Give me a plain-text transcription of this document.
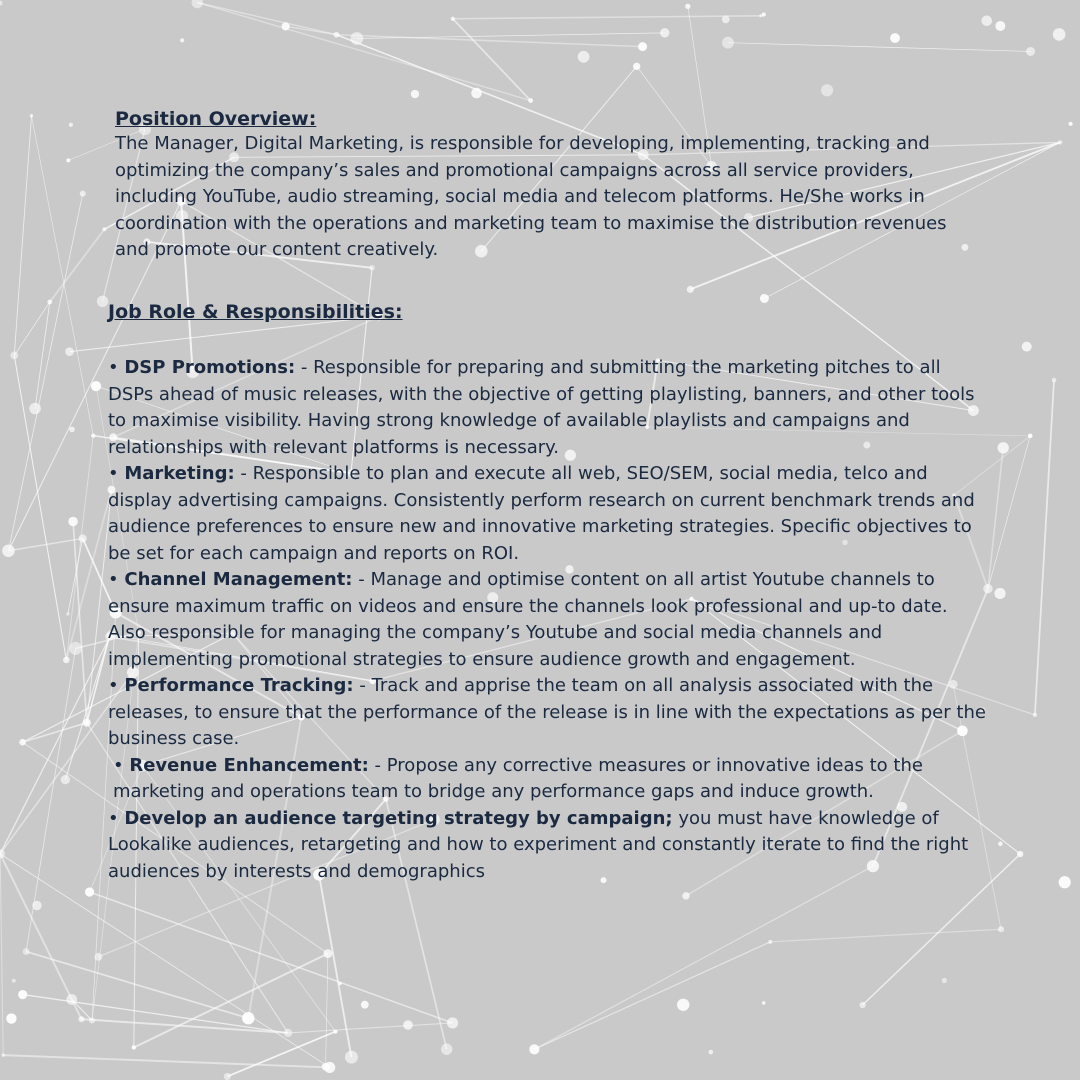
Position Overview:

The Manager, Digital Marketing, is responsible for developing, implementing, tracking and optimizing the company’s sales and promotional campaigns across all service providers, including YouTube, audio streaming, social media and telecom platforms. He/She works in coordination with the operations and marketing team to maximise the distribution revenues and promote our content creatively.

Job Role & Responsibilities:

• DSP Promotions: - Responsible for preparing and submitting the marketing pitches to all DSPs ahead of music releases, with the objective of getting playlisting, banners, and other tools to maximise visibility. Having strong knowledge of available playlists and campaigns and relationships with relevant platforms is necessary.

• Marketing: - Responsible to plan and execute all web, SEO/SEM, social media, telco and display advertising campaigns. Consistently perform research on current benchmark trends and audience preferences to ensure new and innovative marketing strategies. Specific objectives to be set for each campaign and reports on ROI.

• Channel Management: - Manage and optimise content on all artist Youtube channels to ensure maximum traffic on videos and ensure the channels look professional and up-to date. Also responsible for managing the company’s Youtube and social media channels and implementing promotional strategies to ensure audience growth and engagement.

• Performance Tracking: - Track and apprise the team on all analysis associated with the releases, to ensure that the performance of the release is in line with the expectations as per the business case.

• Revenue Enhancement: - Propose any corrective measures or innovative ideas to the marketing and operations team to bridge any performance gaps and induce growth.

• Develop an audience targeting strategy by campaign; you must have knowledge of Lookalike audiences, retargeting and how to experiment and constantly iterate to find the right audiences by interests and demographics
